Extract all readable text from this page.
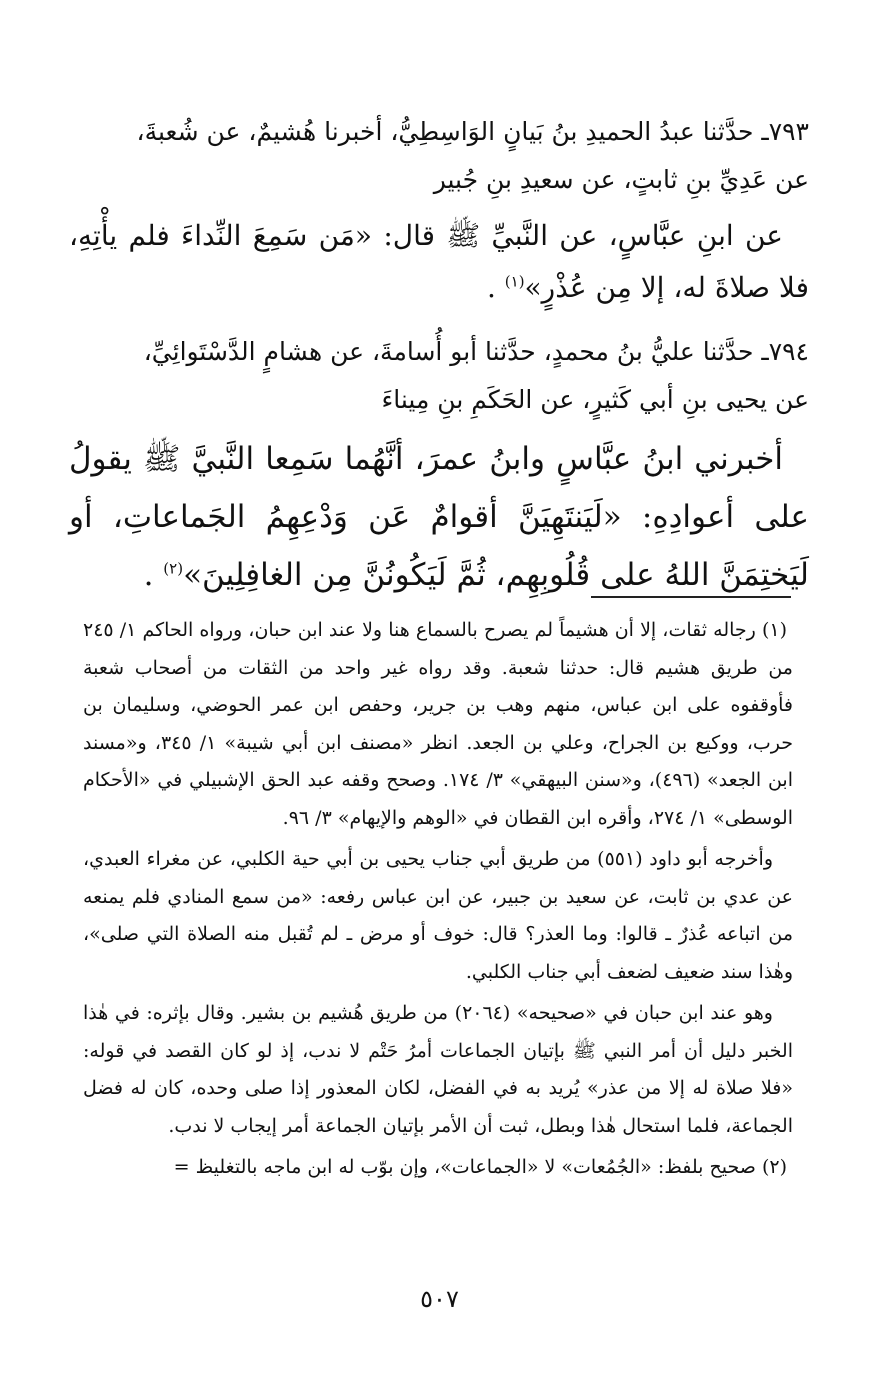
٧٩٣ـ حدَّثنا عبدُ الحميدِ بنُ بَيانٍ الوَاسِطِيُّ، أخبرنا هُشيمٌ، عن شُعبةَ،
عن عَدِيِّ بنِ ثابتٍ، عن سعيدِ بنِ جُبير

عن ابنِ عبَّاسٍ، عن النَّبيِّ ﷺ قال: «مَن سَمِعَ النِّداءَ فلم يأْتِهِ، فلا صلاةَ له، إلا مِن عُذْرٍ»$^{(١)}$ .

٧٩٤ـ حدَّثنا عليُّ بنُ محمدٍ، حدَّثنا أبو أُسامةَ، عن هشامٍ الدَّسْتَوائِيِّ،
عن يحيى بنِ أبي كَثيرٍ، عن الحَكَمِ بنِ مِيناءَ

أخبرني ابنُ عبَّاسٍ وابنُ عمرَ، أنَّهُما سَمِعا النَّبيَّ ﷺ يقولُ على أعوادِهِ: «لَيَنتَهِيَنَّ أقوامٌ عَن وَدْعِهِمُ الجَماعاتِ، أو لَيَختِمَنَّ اللهُ على قُلُوبِهِم، ثُمَّ لَيَكُونُنَّ مِن الغافِلِينَ»$^{(٢)}$ .

(١) رجاله ثقات، إلا أن هشيماً لم يصرح بالسماع هنا ولا عند ابن حبان، ورواه الحاكم ١/ ٢٤٥ من طريق هشيم قال: حدثنا شعبة. وقد رواه غير واحد من الثقات من أصحاب شعبة فأوقفوه على ابن عباس، منهم وهب بن جرير، وحفص ابن عمر الحوضي، وسليمان بن حرب، ووكيع بن الجراح، وعلي بن الجعد. انظر «مصنف ابن أبي شيبة» ١/ ٣٤٥، و«مسند ابن الجعد» (٤٩٦)، و«سنن البيهقي» ٣/ ١٧٤. وصحح وقفه عبد الحق الإشبيلي في «الأحكام الوسطى» ١/ ٢٧٤، وأقره ابن القطان في «الوهم والإيهام» ٣/ ٩٦.

وأخرجه أبو داود (٥٥١) من طريق أبي جناب يحيى بن أبي حية الكلبي، عن مغراء العبدي، عن عدي بن ثابت، عن سعيد بن جبير، عن ابن عباس رفعه: «من سمع المنادي فلم يمنعه من اتباعه عُذرٌ ـ قالوا: وما العذر؟ قال: خوف أو مرض ـ لم تُقبل منه الصلاة التي صلى»، وهٰذا سند ضعيف لضعف أبي جناب الكلبي.

وهو عند ابن حبان في «صحيحه» (٢٠٦٤) من طريق هُشيم بن بشير. وقال بإثره: في هٰذا الخبر دليل أن أمر النبي ﷺ بإتيان الجماعات أمرُ حَتْم لا ندب، إذ لو كان القصد في قوله: «فلا صلاة له إلا من عذر» يُريد به في الفضل، لكان المعذور إذا صلى وحده، كان له فضل الجماعة، فلما استحال هٰذا وبطل، ثبت أن الأمر بإتيان الجماعة أمر إيجاب لا ندب.

(٢) صحيح بلفظ: «الجُمُعات» لا «الجماعات»، وإن بوّب له ابن ماجه بالتغليظ =

٥٠٧
